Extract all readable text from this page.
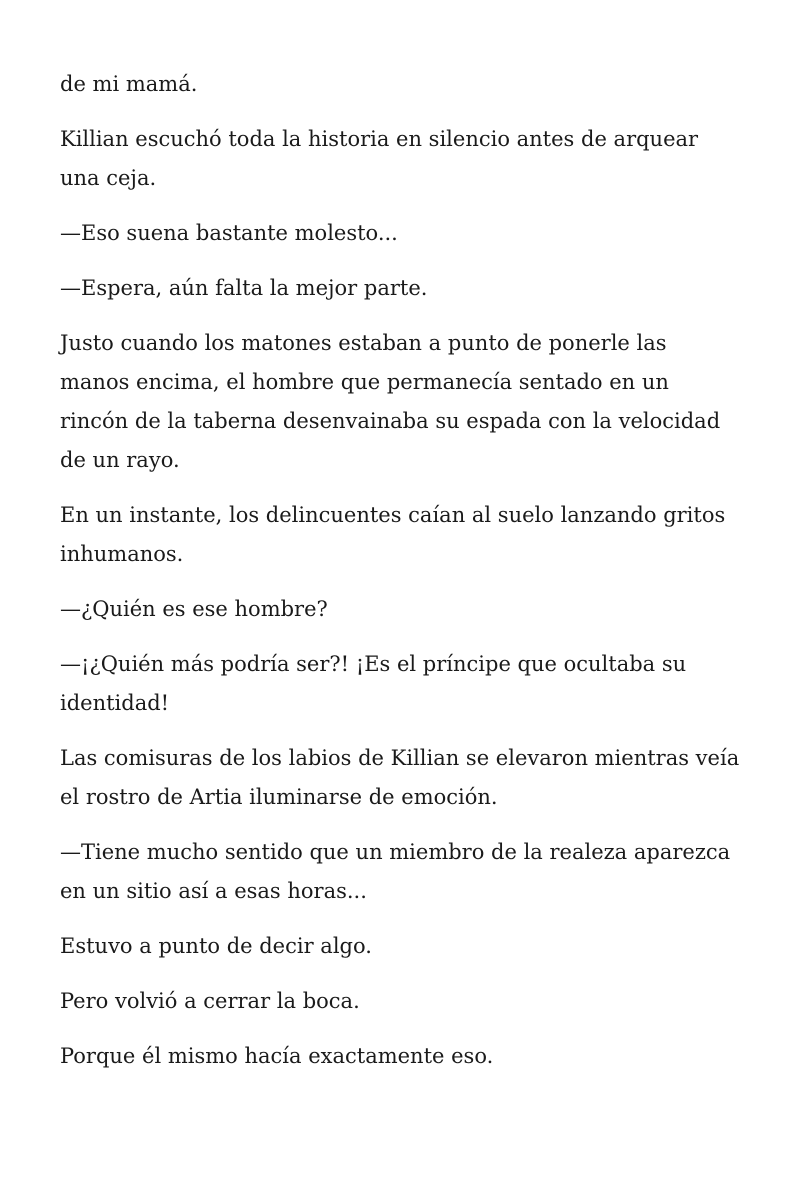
de mi mamá.

Killian escuchó toda la historia en silencio antes de arquear una ceja.

—Eso suena bastante molesto...

—Espera, aún falta la mejor parte.

Justo cuando los matones estaban a punto de ponerle las manos encima, el hombre que permanecía sentado en un rincón de la taberna desenvainaba su espada con la velocidad de un rayo.

En un instante, los delincuentes caían al suelo lanzando gritos inhumanos.

—¿Quién es ese hombre?

—¡¿Quién más podría ser?! ¡Es el príncipe que ocultaba su identidad!

Las comisuras de los labios de Killian se elevaron mientras veía el rostro de Artia iluminarse de emoción.

—Tiene mucho sentido que un miembro de la realeza aparezca en un sitio así a esas horas...

Estuvo a punto de decir algo.

Pero volvió a cerrar la boca.

Porque él mismo hacía exactamente eso.
